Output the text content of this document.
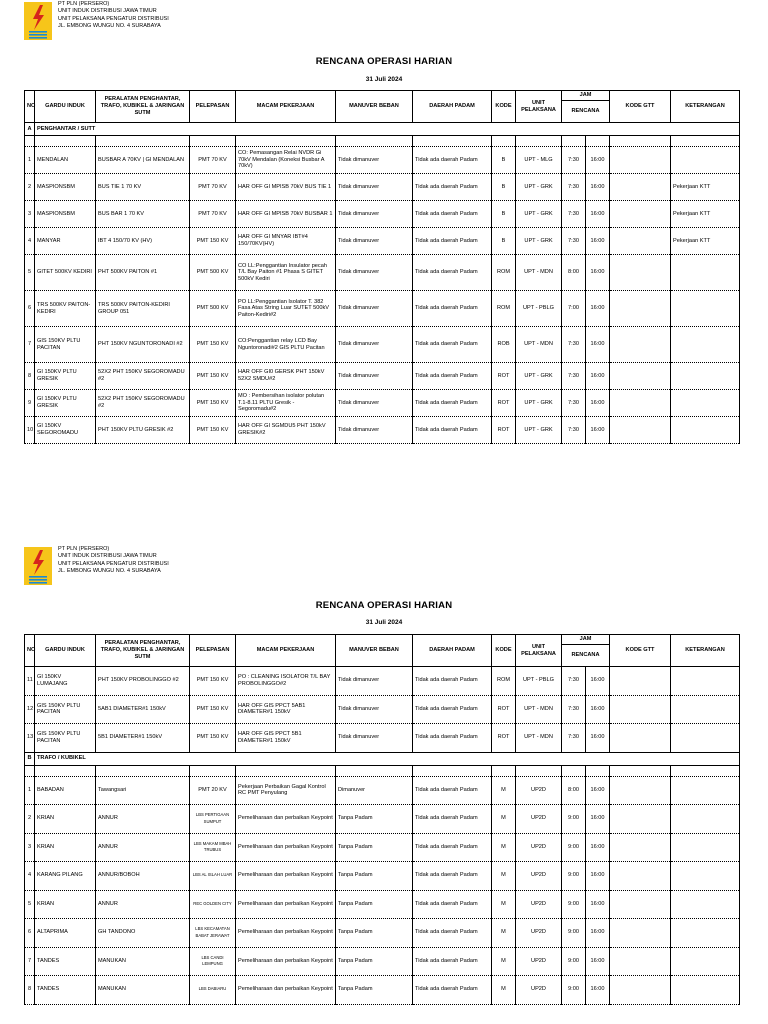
PT PLN (PERSERO)
UNIT INDUK DISTRIBUSI JAWA TIMUR
UNIT PELAKSANA PENGATUR DISTRIBUSI
JL. EMBONG WUNGU NO. 4 SURABAYA
RENCANA OPERASI HARIAN
31 Juli 2024
NO	GARDU INDUK	PERALATAN PENGHANTAR, TRAFO, KUBIKEL & JARINGAN SUTM	PELEPASAN	MACAM PEKERJAAN	MANUVER BEBAN	DAERAH PADAM	KODE	UNIT PELAKSANA	JAM		KODE GTT	KETERANGAN
									RENCANA			
A	PENGHANTAR / SUTT											

1	MENDALAN	BUSBAR A 70KV | GI MENDALAN	PMT 70 KV	CO: Pemasangan Relai NVDR Gi 70kV Mendalan (Koneksi Busbar A 70kV)	Tidak dimanuver	Tidak ada daerah Padam	B	UPT - MLG	7:30	16:00		
2	MASPIONSBM	BUS TIE 1 70 KV	PMT 70 KV	HAR OFF GI MPISB 70kV BUS TIE 1	Tidak dimanuver	Tidak ada daerah Padam	B	UPT - GRK	7:30	16:00		Pekerjaan KTT
3	MASPIONSBM	BUS BAR 1 70 KV	PMT 70 KV	HAR OFF GI MPISB 70kV BUSBAR 1	Tidak dimanuver	Tidak ada daerah Padam	B	UPT - GRK	7:30	16:00		Pekerjaan KTT
4	MANYAR	IBT 4 150/70 KV (HV)	PMT 150 KV	HAR OFF GI MNYAR IBT#4 150/70KV(HV)	Tidak dimanuver	Tidak ada daerah Padam	B	UPT - GRK	7:30	16:00		Pekerjaan KTT
5	GITET 500KV KEDIRI	PHT 500KV PAITON #1	PMT 500 KV	CO LL:Penggantian Insulator pecah T/L Bay Paiton #1 Phasa S GITET 500kV Kediri	Tidak dimanuver	Tidak ada daerah Padam	ROM	UPT - MDN	8:00	16:00		
6	TRS 500KV PAITON-KEDIRI	TRS 500KV PAITON-KEDIRI GROUP 051	PMT 500 KV	PO LL:Penggantian Isolator T. 382 Fasa Atas String Luar SUTET 500kV Paiton-Kediri#2	Tidak dimanuver	Tidak ada daerah Padam	ROM	UPT - PBLG	7:00	16:00		
7	GIS 150KV PLTU PACITAN	PHT 150KV NGUNTORONADI #2	PMT 150 KV	CO:Penggantian relay LCD Bay Nguntoronadi#2 GIS PLTU Pacitan	Tidak dimanuver	Tidak ada daerah Padam	ROB	UPT - MDN	7:30	16:00		
8	GI 150KV PLTU GRESIK	52X2 PHT 150KV SEGOROMADU #2	PMT 150 KV	HAR OFF GI0 GERSK PHT 150kV 52X2 SMDU#2	Tidak dimanuver	Tidak ada daerah Padam	ROT	UPT - GRK	7:30	16:00		
9	GI 150KV PLTU GRESIK	52X2 PHT 150KV SEGOROMADU #2	PMT 150 KV	MO : Pembersihan isolator polutan T.1-8.11 PLTU Gresik - Segoromadu#2	Tidak dimanuver	Tidak ada daerah Padam	ROT	UPT - GRK	7:30	16:00		
10	GI 150KV SEGOROMADU	PHT 150KV PLTU GRESIK #2	PMT 150 KV	HAR OFF GI SGMDU5 PHT 150kV GRESIK#2	Tidak dimanuver	Tidak ada daerah Padam	ROT	UPT - GRK	7:30	16:00		
PT PLN (PERSERO)
UNIT INDUK DISTRIBUSI JAWA TIMUR
UNIT PELAKSANA PENGATUR DISTRIBUSI
JL. EMBONG WUNGU NO. 4 SURABAYA
RENCANA OPERASI HARIAN
31 Juli 2024
NO	GARDU INDUK	PERALATAN PENGHANTAR, TRAFO, KUBIKEL & JARINGAN SUTM	PELEPASAN	MACAM PEKERJAAN	MANUVER BEBAN	DAERAH PADAM	KODE	UNIT PELAKSANA	JAM		KODE GTT	KETERANGAN
									RENCANA			
11	GI 150KV LUMAJANG	PHT 150KV PROBOLINGGO #2	PMT 150 KV	PO : CLEANING ISOLATOR T/L BAY PROBOLINGGO#2	Tidak dimanuver	Tidak ada daerah Padam	ROM	UPT - PBLG	7:30	16:00		
12	GIS 150KV PLTU PACITAN	5AB1 DIAMETER#1 150kV	PMT 150 KV	HAR OFF GIS PPCT 5AB1 DIAMETER#1 150kV	Tidak dimanuver	Tidak ada daerah Padam	ROT	UPT - MDN	7:30	16:00		
13	GIS 150KV PLTU PACITAN	5B1 DIAMETER#1 150kV	PMT 150 KV	HAR OFF GIS PPCT 5B1 DIAMETER#1 150kV	Tidak dimanuver	Tidak ada daerah Padam	ROT	UPT - MDN	7:30	16:00		
B	TRAFO / KUBIKEL											

1	BABADAN	Tawangsari	PMT 20 KV	Pekerjaan Perbaikan Gagal Kontrol RC PMT Penyulang	Dimanuver	Tidak ada daerah Padam	M	UP2D	8:00	16:00		
2	KRIAN	ANNUR	LBS PERTIGAAN SUMPUT	Pemeliharaan dan perbaikan Keypoint	Tanpa Padam	Tidak ada daerah Padam	M	UP2D	9:00	16:00		
3	KRIAN	ANNUR	LBS MAKAM MBAH TRUBUS	Pemeliharaan dan perbaikan Keypoint	Tanpa Padam	Tidak ada daerah Padam	M	UP2D	9:00	16:00		
4	KARANG PILANG	ANNUR/BOBOH	LBS AL ISLAH LUAR	Pemeliharaan dan perbaikan Keypoint	Tanpa Padam	Tidak ada daerah Padam	M	UP2D	9:00	16:00		
5	KRIAN	ANNUR	REC GOLDEN CITY	Pemeliharaan dan perbaikan Keypoint	Tanpa Padam	Tidak ada daerah Padam	M	UP2D	9:00	16:00		
6	ALTAPRIMA	GH TANDONO	LBS KECAMATAN BABAT JERAWAT	Pemeliharaan dan perbaikan Keypoint	Tanpa Padam	Tidak ada daerah Padam	M	UP2D	9:00	16:00		
7	TANDES	MANUKAN	LBS CANDI LEMPUNG	Pemeliharaan dan perbaikan Keypoint	Tanpa Padam	Tidak ada daerah Padam	M	UP2D	9:00	16:00		
8	TANDES	MANUKAN	LBS DABIARU	Pemeliharaan dan perbaikan Keypoint	Tanpa Padam	Tidak ada daerah Padam	M	UP2D	9:00	16:00		
